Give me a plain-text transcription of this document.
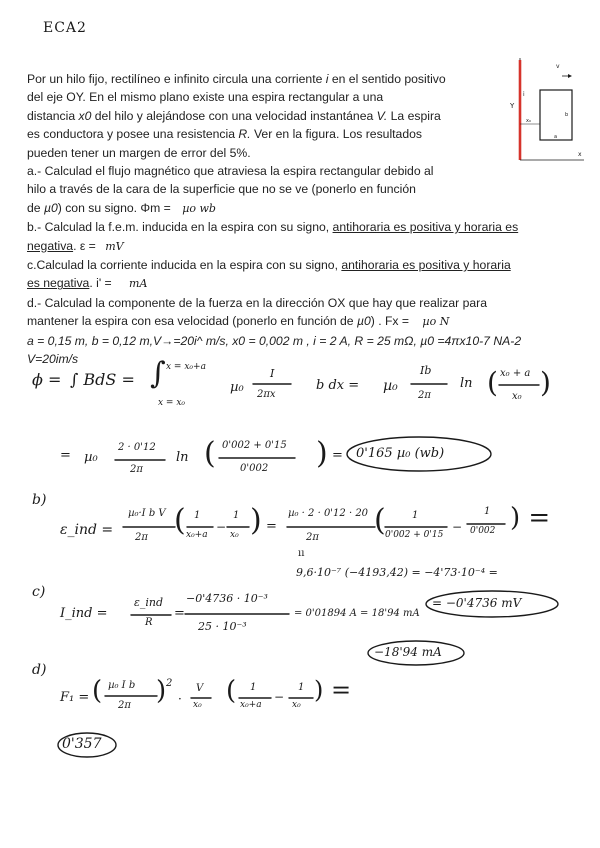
ECA2
Por un hilo fijo, rectilíneo e infinito circula una corriente i en el sentido positivo
del eje OY. En el mismo plano existe una espira rectangular a una
distancia x0 del hilo y alejándose con una velocidad instantánea V. La espira
es conductora y posee una resistencia R. Ver en la figura. Los resultados
pueden tener un margen de error del 5%.
a.- Calculad el flujo magnético que atraviesa la espira rectangular debido al
hilo a través de la cara de la superficie que no se ve (ponerlo en función
de µ0) con su signo. Φm = µo wb
b.- Calculad la f.e.m. inducida en la espira con su signo, antihoraria es positiva y horaria es
negativa. ε = mV
c.Calculad la corriente inducida en la espira con su signo, antihoraria es positiva y horaria
es negativa. i' = mA
d.- Calculad la componente de la fuerza en la dirección OX que hay que realizar para
mantener la espira con esa velocidad (ponerlo en función de µ0) . Fx = µo N
a = 0,15 m, b = 0,12 m,V→=20i^ m/s, x0 = 0,002 m , i = 2 A, R = 25 mΩ, µ0 =4πx10-7 NA-2
V=20im/s
v
Y
i
x
x₀
b
a
ϕ = ∫ BdS = ∫ x = x₀+a
x = x₀
µ₀
I
2πx
b dx = µ₀
Ib
2π
ln ( x₀ + a
x₀ )
= µ₀
2 · 0'12
2π
ln ( 0'002 + 0'15
0'002 ) = 0'165 µ₀ (wb)
b)
ε_ind =
µ₀·I b V
2π ( 1
x₀+a
−
1
x₀ ) =
µ₀ · 2 · 0'12 · 20
2π (	1
0'002 + 0'15
−
1
0'002 ) =
ıı
9,6·10⁻⁷ (−4193,42) = −4'73·10⁻⁴ =
c)
I_ind =
ε_ind
R
=
−0'4736 · 10⁻³
25 · 10⁻³
= 0'01894 A = 18'94 mA
= −0'4736 mV
−18'94 mA
d)
F₁ = ( µ₀ I b
2π ) 2
·
V
x₀ ( 1
x₀+a
−
1
x₀
) =
0'357
